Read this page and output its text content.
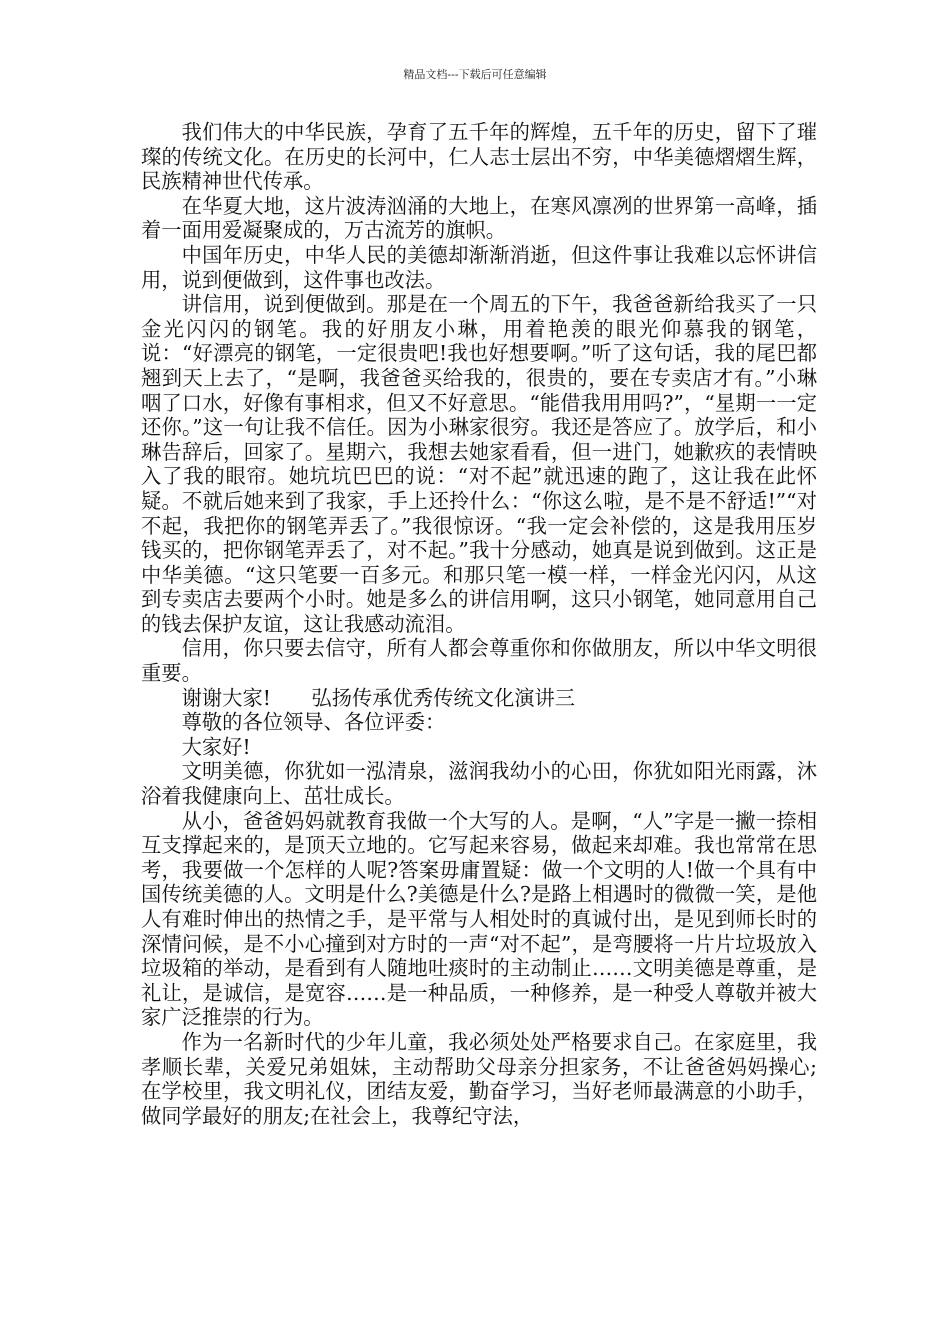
精品文档---下载后可任意编辑

我们伟大的中华民族，孕育了五千年的辉煌，五千年的历史，留下了璀璨的传统文化。在历史的长河中，仁人志士层出不穷，中华美德熠熠生辉，民族精神世代传承。

在华夏大地，这片波涛汹涌的大地上，在寒风凛冽的世界第一高峰，插着一面用爱凝聚成的，万古流芳的旗帜。

中国年历史，中华人民的美德却渐渐消逝，但这件事让我难以忘怀讲信用，说到便做到，这件事也改法。

讲信用，说到便做到。那是在一个周五的下午，我爸爸新给我买了一只金光闪闪的钢笔。我的好朋友小琳，用着艳羡的眼光仰慕我的钢笔，说：“好漂亮的钢笔，一定很贵吧!我也好想要啊。”听了这句话，我的尾巴都翘到天上去了，“是啊，我爸爸买给我的，很贵的，要在专卖店才有。”小琳咽了口水，好像有事相求，但又不好意思。“能借我用用吗?”，“星期一一定还你。”这一句让我不信任。因为小琳家很穷。我还是答应了。放学后，和小琳告辞后，回家了。星期六，我想去她家看看，但一进门，她歉疚的表情映入了我的眼帘。她坑坑巴巴的说：“对不起”就迅速的跑了，这让我在此怀疑。不就后她来到了我家，手上还拎什么：“你这么啦，是不是不舒适!”“对不起，我把你的钢笔弄丢了。”我很惊讶。“我一定会补偿的，这是我用压岁钱买的，把你钢笔弄丢了，对不起。”我十分感动，她真是说到做到。这正是中华美德。“这只笔要一百多元。和那只笔一模一样，一样金光闪闪，从这到专卖店去要两个小时。她是多么的讲信用啊，这只小钢笔，她同意用自己的钱去保护友谊，这让我感动流泪。

信用，你只要去信守，所有人都会尊重你和你做朋友，所以中华文明很重要。

谢谢大家!　　弘扬传承优秀传统文化演讲三

尊敬的各位领导、各位评委：

大家好!

文明美德，你犹如一泓清泉，滋润我幼小的心田，你犹如阳光雨露，沐浴着我健康向上、茁壮成长。

从小，爸爸妈妈就教育我做一个大写的人。是啊，“人”字是一撇一捺相互支撑起来的，是顶天立地的。它写起来容易，做起来却难。我也常常在思考，我要做一个怎样的人呢?答案毋庸置疑：做一个文明的人!做一个具有中国传统美德的人。文明是什么?美德是什么?是路上相遇时的微微一笑，是他人有难时伸出的热情之手，是平常与人相处时的真诚付出，是见到师长时的深情问候，是不小心撞到对方时的一声“对不起”，是弯腰将一片片垃圾放入垃圾箱的举动，是看到有人随地吐痰时的主动制止……文明美德是尊重，是礼让，是诚信，是宽容……是一种品质，一种修养，是一种受人尊敬并被大家广泛推崇的行为。

作为一名新时代的少年儿童，我必须处处严格要求自己。在家庭里，我孝顺长辈，关爱兄弟姐妹，主动帮助父母亲分担家务，不让爸爸妈妈操心;在学校里，我文明礼仪，团结友爱，勤奋学习，当好老师最满意的小助手，做同学最好的朋友;在社会上，我尊纪守法，
